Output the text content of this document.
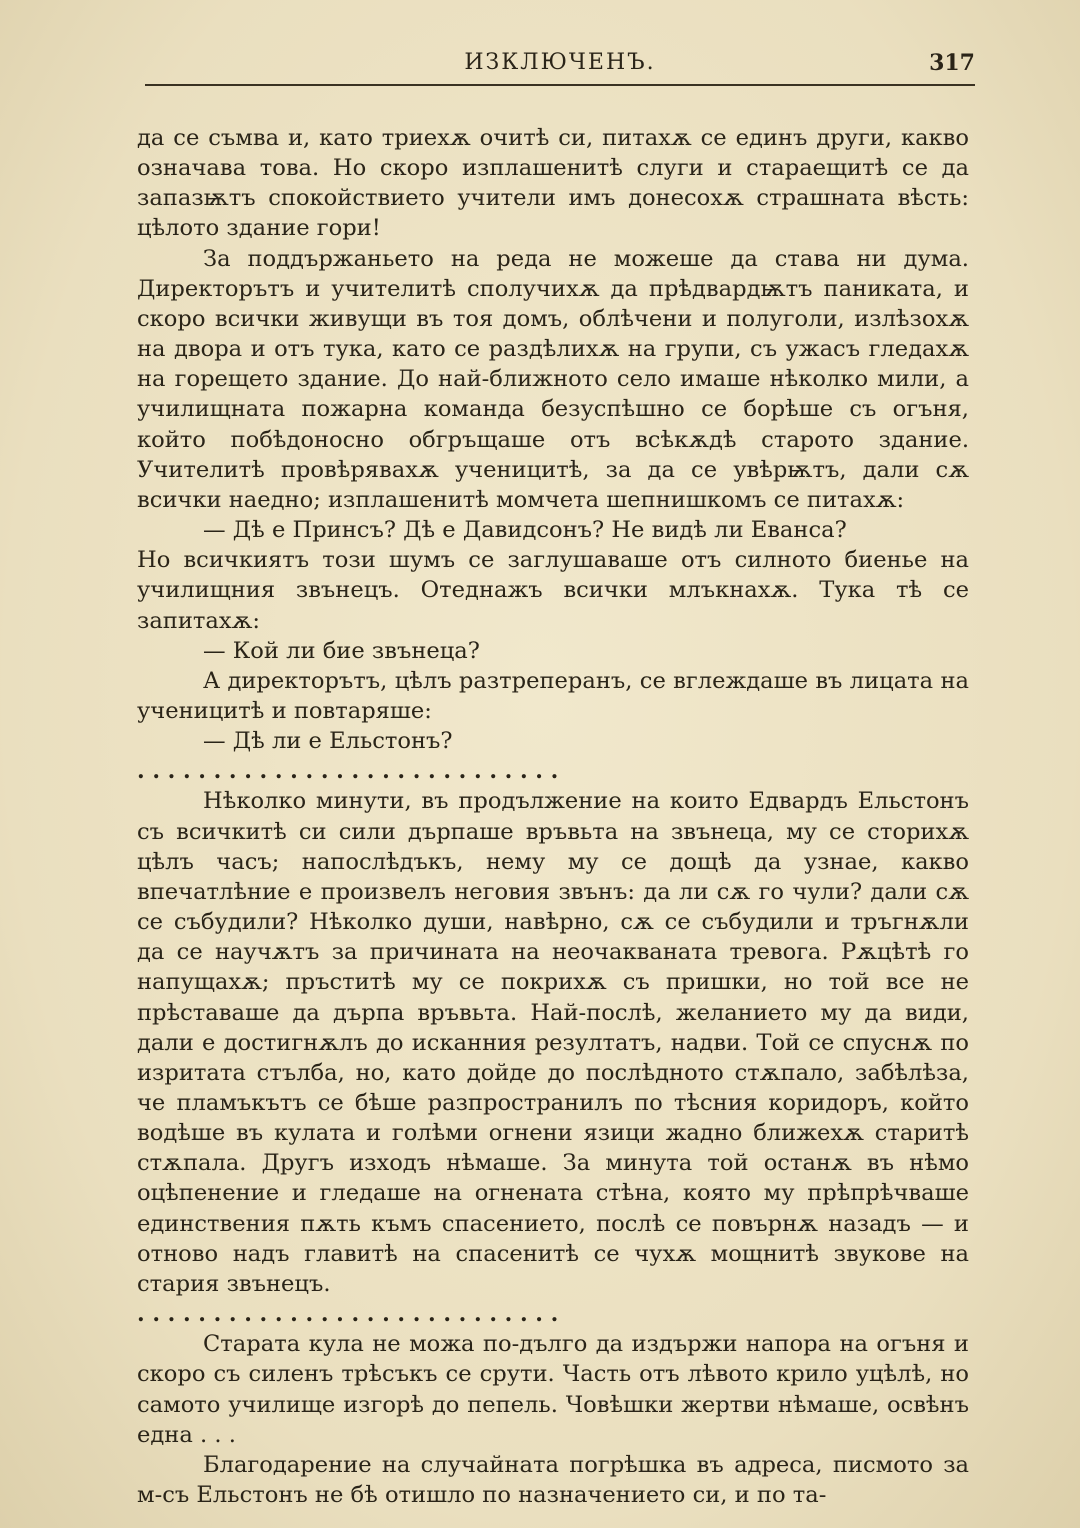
ИЗКЛЮЧЕНЪ.	317

да се съмва и, като триехѫ очитѣ си, питахѫ се единъ други, какво означава това. Но скоро изплашенитѣ слуги и стараещитѣ се да запазѭтъ спокойствието учители имъ донесохѫ страшната вѣсть: цѣлото здание гори!

За поддържаньето на реда не можеше да става ни дума. Директорътъ и учителитѣ сполучихѫ да прѣдвардѭтъ паниката, и скоро всички живущи въ тоя домъ, облѣчени и полуголи, излѣзохѫ на двора и отъ тука, като се раздѣлихѫ на групи, съ ужасъ гледахѫ на горещето здание. До най-ближното село имаше нѣколко мили, а училищната пожарна команда безуспѣшно се борѣше съ огъня, който побѣдоносно обгръщаше отъ всѣкѫдѣ старото здание. Учителитѣ провѣрявахѫ ученицитѣ, за да се увѣрѭтъ, дали сѫ всички наедно; изплашенитѣ момчета шепнишкомъ се питахѫ:

— Дѣ е Принсъ? Дѣ е Давидсонъ? Не видѣ ли Еванса?

Но всичкиятъ този шумъ се заглушаваше отъ силното биенье на училищния звънецъ. Отеднажъ всички млъкнахѫ. Тука тѣ се запитахѫ:

— Кой ли бие звънеца?

А директорътъ, цѣлъ разтреперанъ, се вглеждаше въ лицата на ученицитѣ и повтаряше:

— Дѣ ли е Ельстонъ?

. . . . . . . . . . . . . . . . . . . . . . . . . . . .

Нѣколко минути, въ продължение на които Едвардъ Ельстонъ съ всичкитѣ си сили дърпаше връвьта на звънеца, му се сторихѫ цѣлъ часъ; напослѣдъкъ, нему му се дощѣ да узнае, какво впечатлѣние е произвелъ неговия звънъ: да ли сѫ го чули? дали сѫ се събудили? Нѣколко души, навѣрно, сѫ се събудили и тръгнѫли да се научѫтъ за причината на неочакваната тревога. Рѫцѣтѣ го напущахѫ; пръститѣ му се покрихѫ съ пришки, но той все не прѣставаше да дърпа връвьта. Най-послѣ, желанието му да види, дали е достигнѫлъ до исканния резултатъ, надви. Той се спуснѫ по изритата стълба, но, като дойде до послѣдното стѫпало, забѣлѣза, че пламъкътъ се бѣше разпространилъ по тѣсния коридоръ, който водѣше въ кулата и голѣми огнени язици жадно ближехѫ старитѣ стѫпала. Другъ изходъ нѣмаше. За минута той останѫ въ нѣмо оцѣпенение и гледаше на огнената стѣна, която му прѣпрѣчваше единствения пѫть къмъ спасението, послѣ се повърнѫ назадъ — и отново надъ главитѣ на спасенитѣ се чухѫ мощнитѣ звукове на стария звънецъ.

. . . . . . . . . . . . . . . . . . . . . . . . . . . .

Старата кула не можа по-дълго да издържи напора на огъня и скоро съ силенъ трѣсъкъ се срути. Часть отъ лѣвото крило уцѣлѣ, но самото училище изгорѣ до пепель. Човѣшки жертви нѣмаше, освѣнъ една . . .

Благодарение на случайната погрѣшка въ адреса, писмото за м-съ Ельстонъ не бѣ отишло по назначението си, и по та-
